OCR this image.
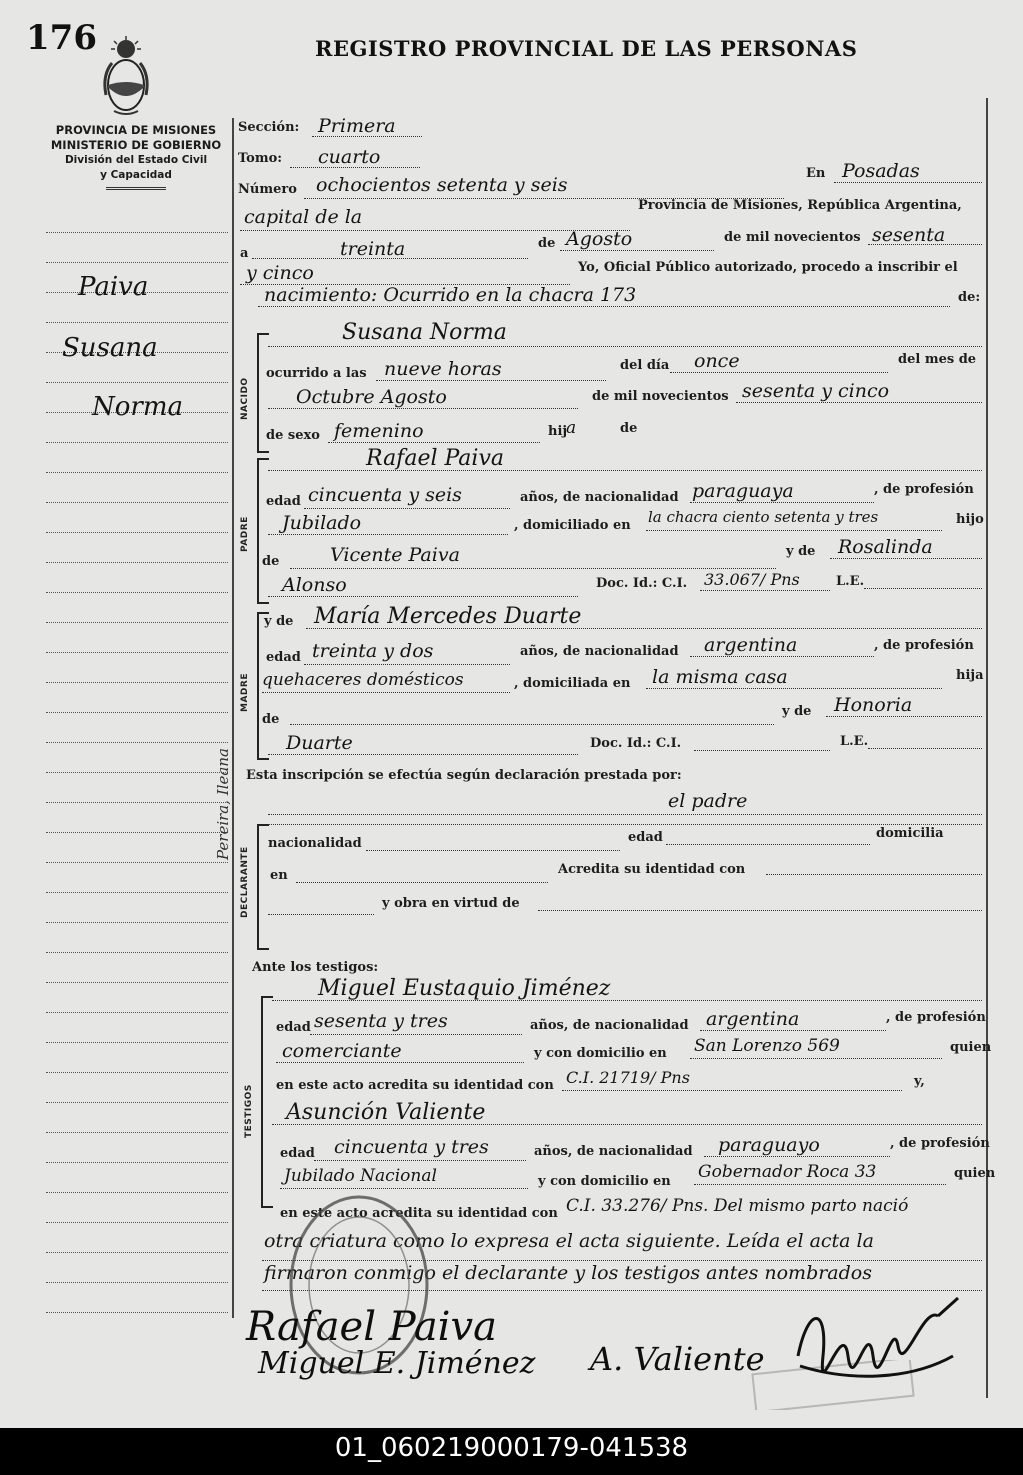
176	REGISTRO PROVINCIAL DE LAS PERSONAS
PROVINCIA DE MISIONES
MINISTERIO DE GOBIERNO
División del Estado Civil
y Capacidad
Paiva
Susana
Norma
Pereira, Ileana
Sección: Primera
Tomo: cuarto
Número ochocientos setenta y seis
En Posadas
capital de la
Provincia de Misiones, República Argentina,
a	treinta	de Agosto	de mil novecientos sesenta
y cinco	Yo, Oficial Público autorizado, procedo a inscribir el
nacimiento: Ocurrido en la chacra 173	de:
NACIDO
Susana Norma
ocurrido a las nueve horas	del día once	del mes de
Octubre Agosto	de mil novecientos sesenta y cinco
de sexo femenino	hij
a	de
PADRE
Rafael Paiva
edad cincuenta y seis	años, de nacionalidad paraguaya	, de profesión
Jubilado	, domiciliado en la chacra ciento setenta y tres	hijo
de	Vicente Paiva	y de Rosalinda
Alonso	Doc. Id.: C.I. 33.067/ Pns	L.E.
MADRE
y de María Mercedes Duarte
edad treinta y dos	años, de nacionalidad argentina	, de profesión
quehaceres domésticos	, domiciliada en la misma casa	hija
de
y de Honoria
Duarte	Doc. Id.: C.I.	L.E.
Esta inscripción se efectúa según declaración prestada por:
el padre
DECLARANTE
nacionalidad	edad	domicilia
en	Acredita su identidad con
y obra en virtud de
Ante los testigos:
TESTIGOS
Miguel Eustaquio Jiménez
edad sesenta y tres	años, de nacionalidad argentina	, de profesión
comerciante	y con domicilio en San Lorenzo 569	quien
en este acto acredita su identidad con C.I. 21719/ Pns	y,
Asunción Valiente
edad cincuenta y tres	años, de nacionalidad paraguayo	, de profesión
Jubilado Nacional	y con domicilio en Gobernador Roca 33	quien
en este acto acredita su identidad con C.I. 33.276/ Pns. Del mismo parto nació
otra criatura como lo expresa el acta siguiente. Leída el acta la
firmaron conmigo el declarante y los testigos antes nombrados
Rafael Paiva
Miguel E. Jiménez A. Valiente
01_060219000179-041538
